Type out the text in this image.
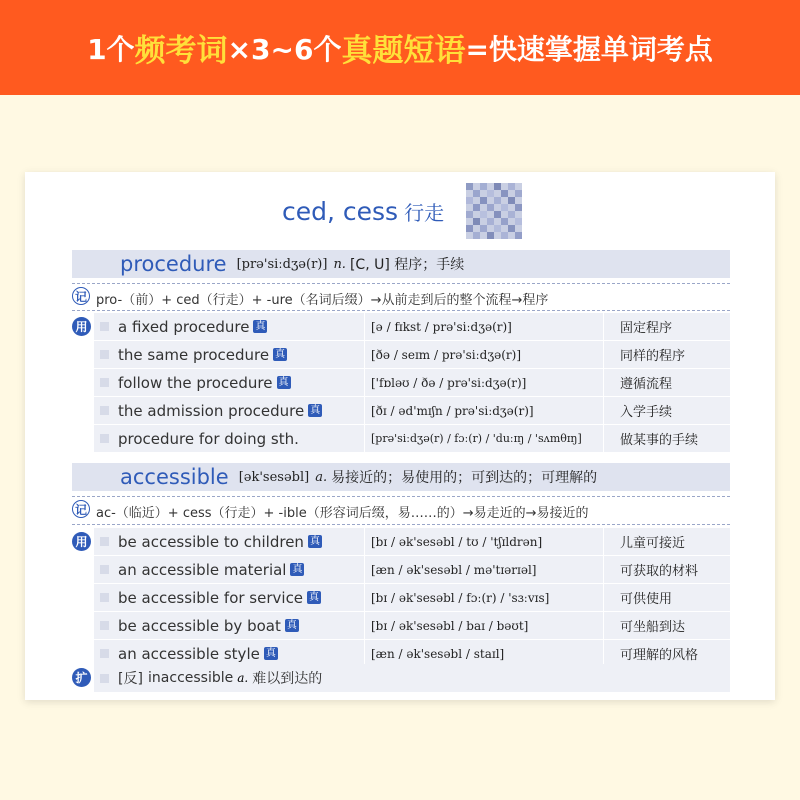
1个 频考词 ×3~6个 真题短语 =快速掌握单词考点
ced, cess 行走
procedure [prə'siːdʒə(r)] n. [C, U] 程序；手续
记 pro-（前）+ ced（行走）+ -ure（名词后缀）→从前走到后的整个流程→程序
用 a fixed procedure 真	[ə / fɪkst / prə'siːdʒə(r)]	固定程序
the same procedure 真	[ðə / seɪm / prə'siːdʒə(r)]	同样的程序
follow the procedure 真	['fɒləʊ / ðə / prə'siːdʒə(r)]	遵循流程
the admission procedure 真	[ðɪ / əd'mɪʃn / prə'siːdʒə(r)]	入学手续
procedure for doing sth.	[prə'siːdʒə(r) / fɔː(r) / 'duːɪŋ / 'sʌmθɪŋ]	做某事的手续
accessible [ək'sesəbl] a. 易接近的；易使用的；可到达的；可理解的
记 ac-（临近）+ cess（行走）+ -ible（形容词后缀，易……的）→易走近的→易接近的
用 be accessible to children 真	[bɪ / ək'sesəbl / tʊ / 'tʃɪldrən]	儿童可接近
an accessible material 真	[æn / ək'sesəbl / mə'tɪərɪəl]	可获取的材料
be accessible for service 真	[bɪ / ək'sesəbl / fɔː(r) / 'sɜːvɪs]	可供使用
be accessible by boat 真	[bɪ / ək'sesəbl / baɪ / bəʊt]	可坐船到达
an accessible style 真	[æn / ək'sesəbl / staɪl]	可理解的风格
扩 [反]
inaccessible a. 难以到达的
